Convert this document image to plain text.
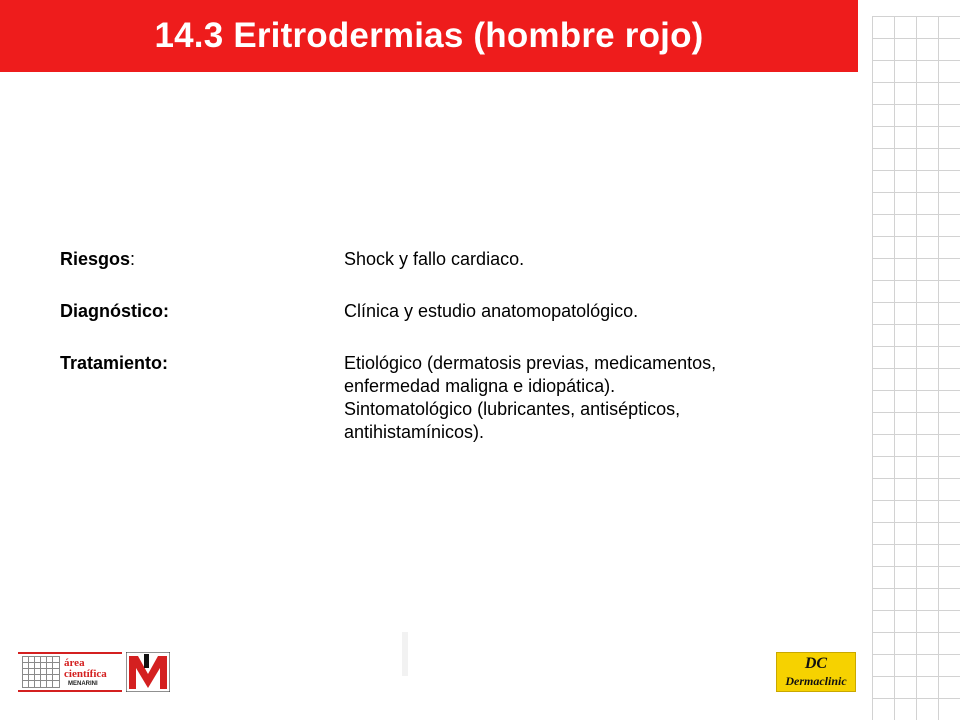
14.3 Eritrodermias (hombre rojo)
Riesgos:	Shock y fallo cardiaco.

Diagnóstico:	Clínica y estudio anatomopatológico.

Tratamiento:	Etiológico (dermatosis previas, medicamentos,

enfermedad maligna e idiopática).

Sintomatológico (lubricantes, antisépticos,

antihistamínicos).

área
científica
MENARINI
DC
Dermaclinic
